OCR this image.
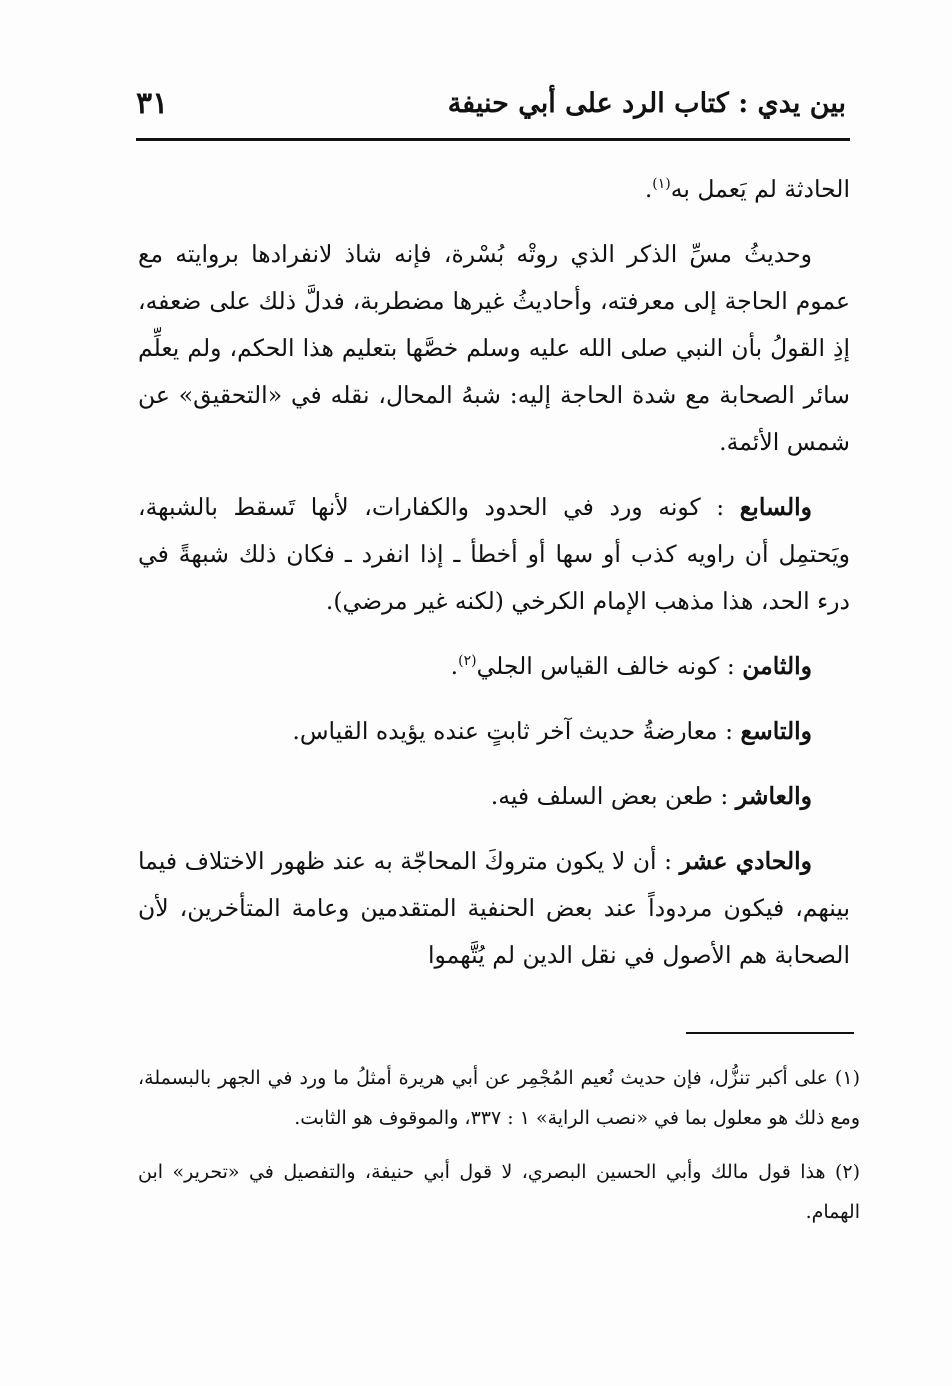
بين يدي : كتاب الرد على أبي حنيفة
٣١

الحادثة لم يَعمل به$^{(١)}$.

وحديثُ مسِّ الذكر الذي روتْه بُسْرة، فإنه شاذ لانفرادها بروايته مع عموم الحاجة إلى معرفته، وأحاديثُ غيرها مضطربة، فدلَّ ذلك على ضعفه، إذِ القولُ بأن النبي صلى الله عليه وسلم خصَّها بتعليم هذا الحكم، ولم يعلِّم سائر الصحابة مع شدة الحاجة إليه: شبهُ المحال، نقله في «التحقيق» عن شمس الأئمة.

والسابع : كونه ورد في الحدود والكفارات، لأنها تَسقط بالشبهة، ويَحتمِل أن راويه كذب أو سها أو أخطأ ـ إذا انفرد ـ فكان ذلك شبهةً في درء الحد، هذا مذهب الإمام الكرخي (لكنه غير مرضي).

والثامن : كونه خالف القياس الجلي$^{(٢)}$.

والتاسع : معارضةُ حديث آخر ثابتٍ عنده يؤيده القياس.

والعاشر : طعن بعض السلف فيه.

والحادي عشر : أن لا يكون متروكَ المحاجّة به عند ظهور الاختلاف فيما بينهم، فيكون مردوداً عند بعض الحنفية المتقدمين وعامة المتأخرين، لأن الصحابة هم الأصول في نقل الدين لم يُتَّهموا

(١) على أكبر تنزُّل، فإن حديث نُعيم المُجْمِر عن أبي هريرة أمثلُ ما ورد في الجهر بالبسملة، ومع ذلك هو معلول بما في «نصب الراية» ١ : ٣٣٧، والموقوف هو الثابت.

(٢) هذا قول مالك وأبي الحسين البصري، لا قول أبي حنيفة، والتفصيل في «تحرير» ابن الهمام.
